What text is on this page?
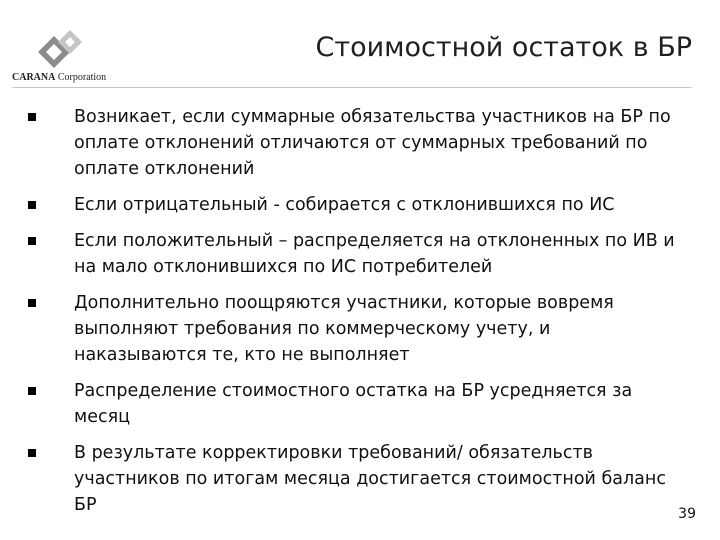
CARANA Corporation
Стоимостной остаток в БР
Возникает, если суммарные обязательства участников на БР по оплате отклонений отличаются от суммарных требований по оплате отклонений
Если отрицательный - собирается с отклонившихся по ИС
Если положительный – распределяется на отклоненных по ИВ и на мало отклонившихся по ИС потребителей
Дополнительно поощряются участники, которые вовремя выполняют требования по коммерческому учету, и наказываются те, кто не выполняет
Распределение стоимостного остатка на БР усредняется за месяц
В результате корректировки требований/ обязательств участников по итогам месяца достигается стоимостной баланс БР	39
